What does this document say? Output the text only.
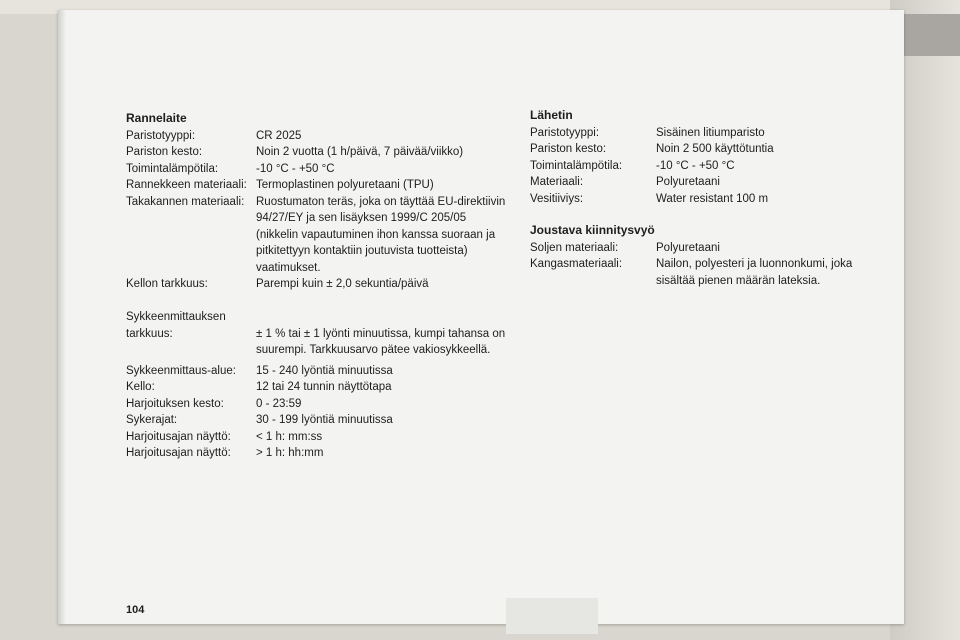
Rannelaite
Paristotyyppi:	CR 2025
Pariston kesto:	Noin 2 vuotta (1 h/päivä, 7 päivää/viikko)
Toimintalämpötila:	-10 °C - +50 °C
Rannekkeen materiaali: Termoplastinen polyuretaani (TPU)
Takakannen materiaali:	Ruostumaton teräs, joka on täyttää EU-direktiivin 94/27/EY ja sen lisäyksen 1999/C 205/05 (nikkelin vapautuminen ihon kanssa suoraan ja pitkitettyyn kontaktiin joutuvista tuotteista) vaatimukset.
Kellon tarkkuus:	Parempi kuin ± 2,0 sekuntia/päivä
Sykkeenmittauksen tarkkuus:	± 1 % tai ± 1 lyönti minuutissa, kumpi tahansa on suurempi. Tarkkuusarvo pätee vakiosykkeellä.
Sykkeenmittaus-alue:	15 - 240 lyöntiä minuutissa
Kello:	12 tai 24 tunnin näyttötapa
Harjoituksen kesto:	0 - 23:59
Sykerajat:	30 - 199 lyöntiä minuutissa
Harjoitusajan näyttö:	< 1 h: mm:ss
Harjoitusajan näyttö:	> 1 h: hh:mm
Lähetin
Paristotyyppi:	Sisäinen litiumparisto
Pariston kesto:	Noin 2 500 käyttötuntia
Toimintalämpötila:	-10 °C - +50 °C
Materiaali:	Polyuretaani
Vesitiiviys:	Water resistant 100 m
Joustava kiinnitysvyö
Soljen materiaali:	Polyuretaani
Kangasmateriaali:	Nailon, polyesteri ja luonnonkumi, joka sisältää pienen määrän lateksia.
104
